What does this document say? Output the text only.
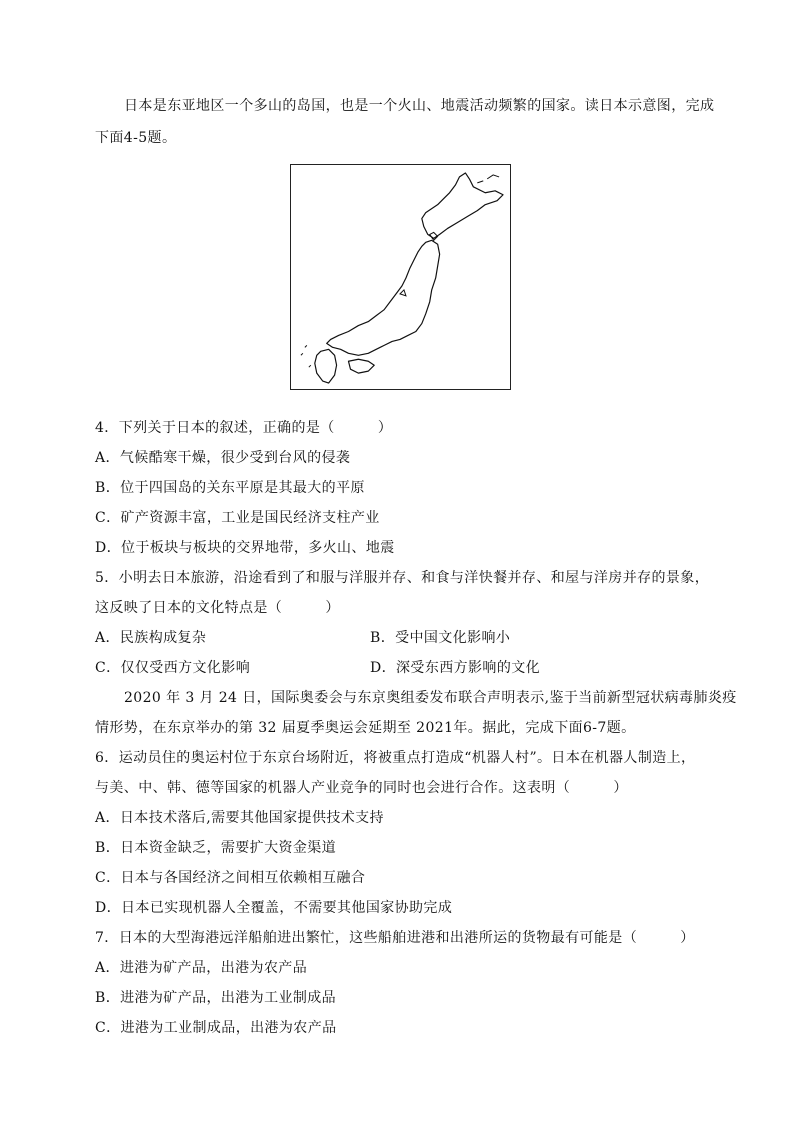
日本是东亚地区一个多山的岛国，也是一个火山、地震活动频繁的国家。读日本示意图，完成
下面4-5题。
4．下列关于日本的叙述，正确的是（　　　）
A．气候酷寒干燥，很少受到台风的侵袭
B．位于四国岛的关东平原是其最大的平原
C．矿产资源丰富，工业是国民经济支柱产业
D．位于板块与板块的交界地带，多火山、地震
5．小明去日本旅游，沿途看到了和服与洋服并存、和食与洋快餐并存、和屋与洋房并存的景象，
这反映了日本的文化特点是（　　　）
A．民族构成复杂	B．受中国文化影响小
C．仅仅受西方文化影响	D．深受东西方影响的文化
2020 年 3 月 24 日，国际奥委会与东京奥组委发布联合声明表示,鉴于当前新型冠状病毒肺炎疫
情形势，在东京举办的第 32 届夏季奥运会延期至 2021年。据此，完成下面6-7题。
6．运动员住的奥运村位于东京台场附近，将被重点打造成“机器人村”。日本在机器人制造上，
与美、中、韩、德等国家的机器人产业竞争的同时也会进行合作。这表明（　　　）
A．日本技术落后,需要其他国家提供技术支持
B．日本资金缺乏，需要扩大资金渠道
C．日本与各国经济之间相互依赖相互融合
D．日本已实现机器人全覆盖，不需要其他国家协助完成
7．日本的大型海港远洋船舶进出繁忙，这些船舶进港和出港所运的货物最有可能是（　　　）
A．进港为矿产品，出港为农产品
B．进港为矿产品，出港为工业制成品
C．进港为工业制成品，出港为农产品
